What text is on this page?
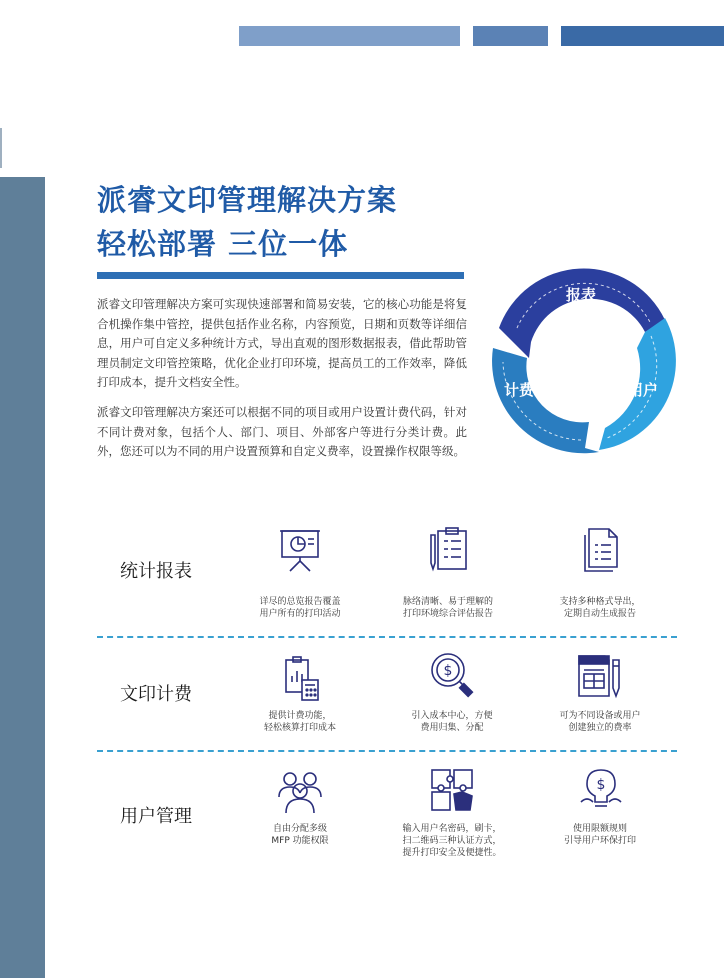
派睿文印管理解决方案
轻松部署 三位一体
派睿文印管理解决方案可实现快速部署和简易安装，它的核心功能是将复合机操作集中管控，提供包括作业名称，内容预览，日期和页数等详细信息，用户可自定义多种统计方式，导出直观的图形数据报表，借此帮助管理员制定文印管控策略，优化企业打印环境，提高员工的工作效率，降低打印成本，提升文档安全性。
派睿文印管理解决方案还可以根据不同的项目或用户设置计费代码，针对不同计费对象，包括个人、部门、项目、外部客户等进行分类计费。此外，您还可以为不同的用户设置预算和自定义费率，设置操作权限等级。
报表
用户
计费
统计报表
详尽的总览报告覆盖
用户所有的打印活动
脉络清晰、易于理解的
打印环境综合评估报告
支持多种格式导出，
定期自动生成报告
文印计费
提供计费功能，
轻松核算打印成本
$
引入成本中心，方便
费用归集、分配
可为不同设备或用户
创建独立的费率
用户管理
自由分配多级
MFP 功能权限
输入用户名密码，刷卡，
扫二维码三种认证方式，
提升打印安全及便捷性。
$
使用限额规则
引导用户环保打印
